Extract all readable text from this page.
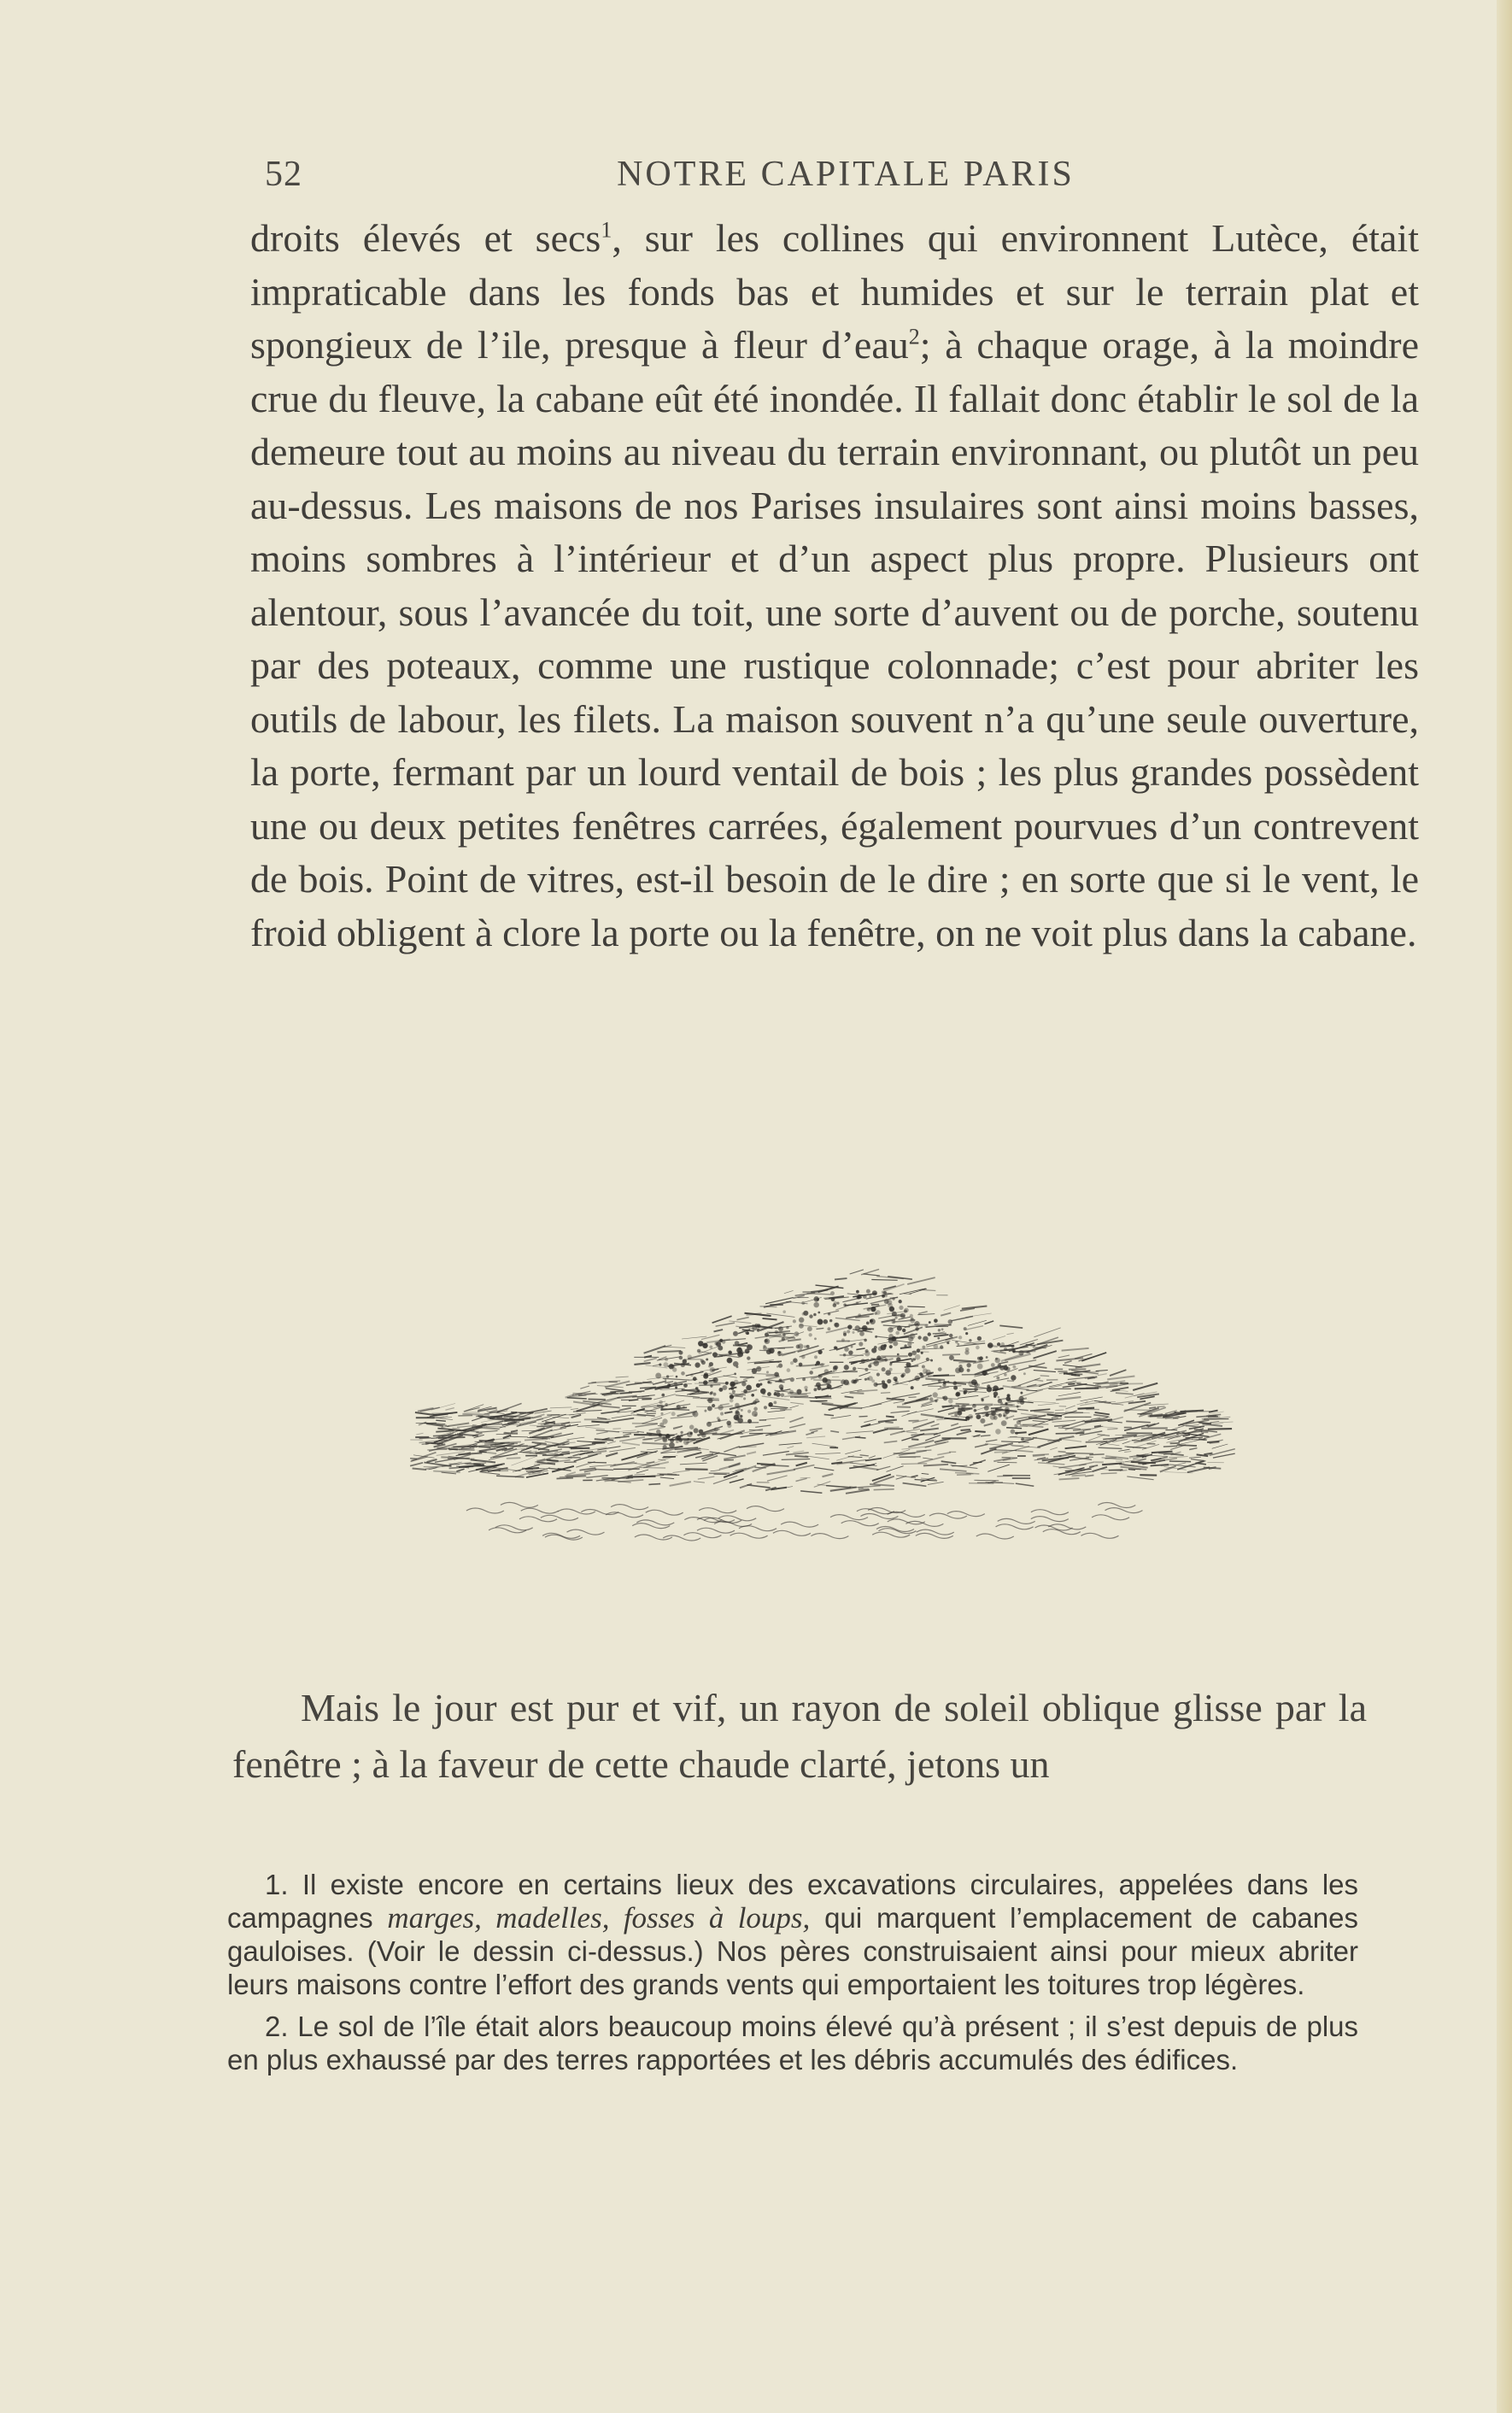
52	NOTRE CAPITALE PARIS

droits élevés et secs$^1$, sur les collines qui environnent Lutèce, était impraticable dans les fonds bas et humides et sur le terrain plat et spongieux de l’ile, presque à fleur d’eau$^2$; à chaque orage, à la moindre crue du fleuve, la cabane eût été inondée. Il fallait donc établir le sol de la demeure tout au moins au niveau du terrain environnant, ou plutôt un peu au-dessus. Les maisons de nos Parises insulaires sont ainsi moins basses, moins sombres à l’intérieur et d’un aspect plus propre. Plusieurs ont alentour, sous l’avancée du toit, une sorte d’auvent ou de porche, soutenu par des poteaux, comme une rustique colonnade; c’est pour abriter les outils de labour, les filets. La maison souvent n’a qu’une seule ouverture, la porte, fermant par un lourd ventail de bois ; les plus grandes possèdent une ou deux petites fenêtres carrées, également pourvues d’un contrevent de bois. Point de vitres, est-il besoin de le dire ; en sorte que si le vent, le froid obligent à clore la porte ou la fenêtre, on ne voit plus dans la cabane.

Mais le jour est pur et vif, un rayon de soleil oblique glisse par la fenêtre ; à la faveur de cette chaude clarté, jetons un

1. Il existe encore en certains lieux des excavations circulaires, appelées dans les campagnes marges, madelles, fosses à loups, qui marquent l’emplacement de cabanes gauloises. (Voir le dessin ci-dessus.) Nos pères construisaient ainsi pour mieux abriter leurs maisons contre l’effort des grands vents qui emportaient les toitures trop légères.

2. Le sol de l’île était alors beaucoup moins élevé qu’à présent ; il s’est depuis de plus en plus exhaussé par des terres rapportées et les débris accumulés des édifices.
